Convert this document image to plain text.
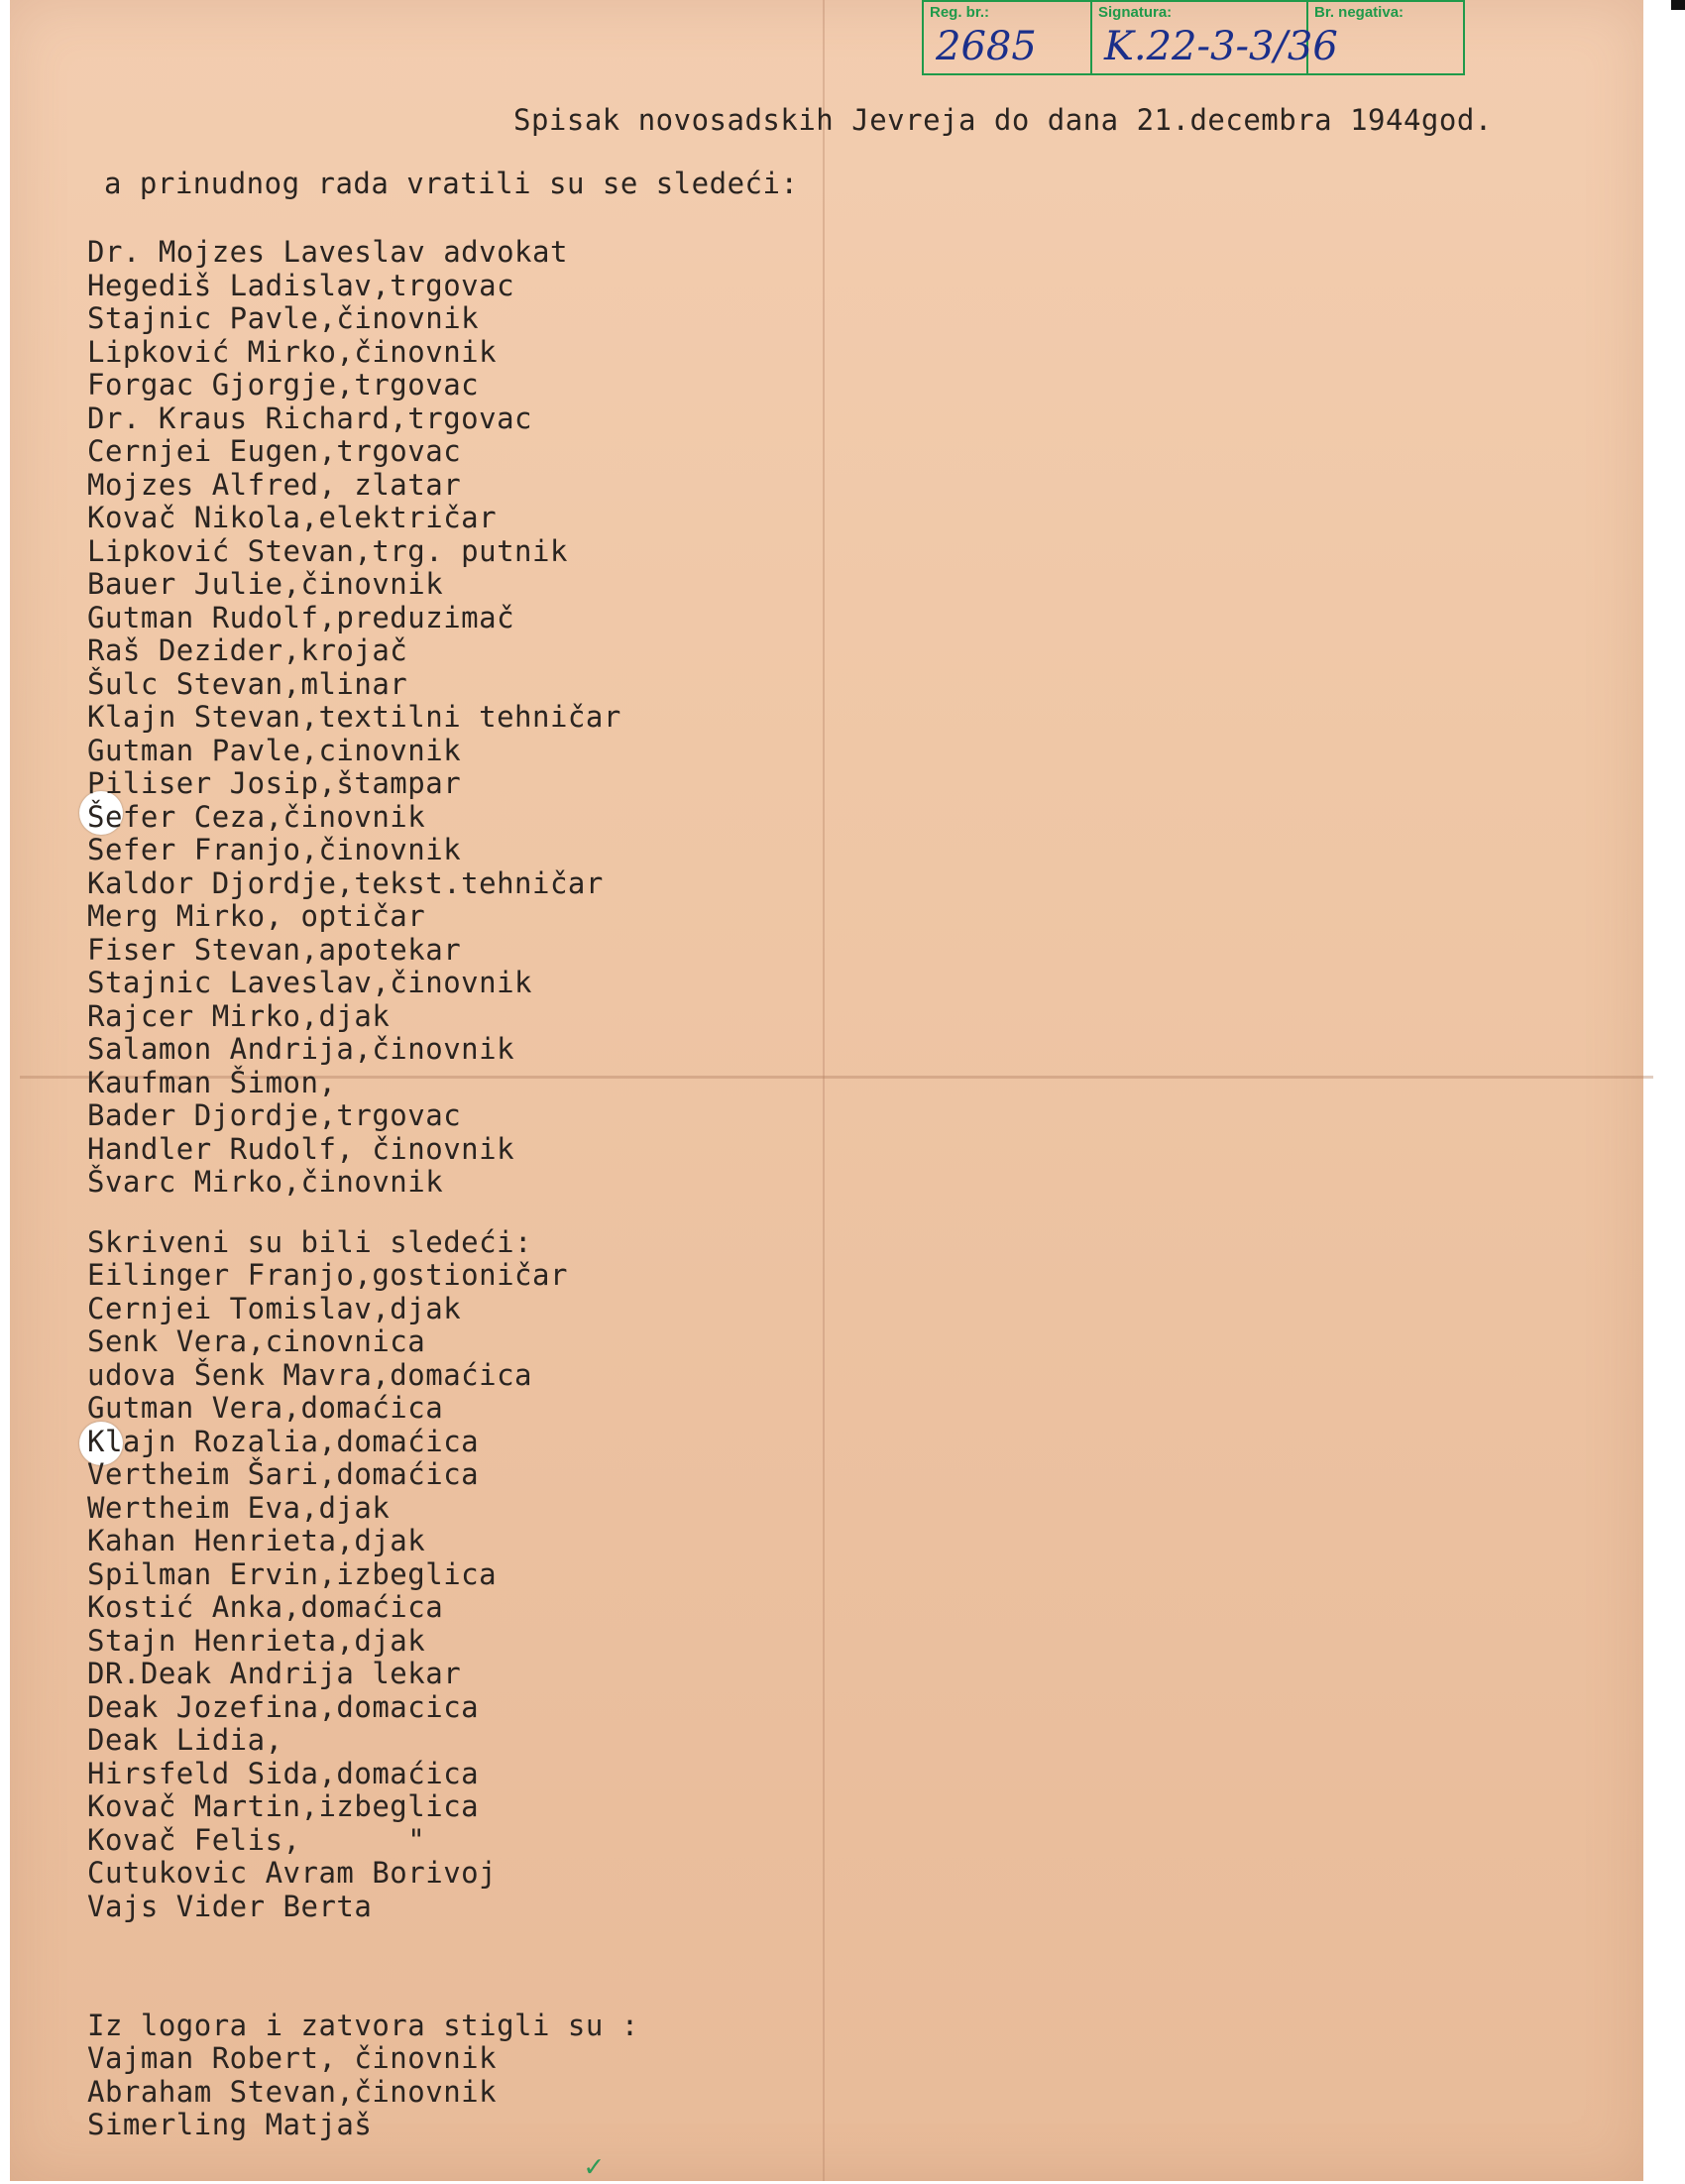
Reg. br.:
2685
Signatura:
K.22-3-3/36
Br. negativa:
Spisak novosadskih Jevreja do dana 21.decembra 1944god.
a prinudnog rada vratili su se sledeći:
Dr. Mojzes Laveslav advokat
Hegediš Ladislav,trgovac
Stajnic Pavle,činovnik
Lipković Mirko,činovnik
Forgac Gjorgje,trgovac
Dr. Kraus Richard,trgovac
Cernjei Eugen,trgovac
Mojzes Alfred, zlatar
Kovač Nikola,električar
Lipković Stevan,trg. putnik
Bauer Julie,činovnik
Gutman Rudolf,preduzimač
Raš Dezider,krojač
Šulc Stevan,mlinar
Klajn Stevan,textilni tehničar
Gutman Pavle,cinovnik
Piliser Josip,štampar
Šefer Ceza,činovnik
Sefer Franjo,činovnik
Kaldor Djordje,tekst.tehničar
Merg Mirko, optičar
Fiser Stevan,apotekar
Stajnic Laveslav,činovnik
Rajcer Mirko,djak
Salamon Andrija,činovnik
Kaufman Šimon,
Bader Djordje,trgovac
Handler Rudolf, činovnik
Švarc Mirko,činovnik
Skriveni su bili sledeći:
Eilinger Franjo,gostioničar
Cernjei Tomislav,djak
Senk Vera,cinovnica
udova Šenk Mavra,domaćica
Gutman Vera,domaćica
Klajn Rozalia,domaćica
Vertheim Šari,domaćica
Wertheim Eva,djak
Kahan Henrieta,djak
Spilman Ervin,izbeglica
Kostić Anka,domaćica
Stajn Henrieta,djak
DR.Deak Andrija lekar
Deak Jozefina,domacica
Deak Lidia,
Hirsfeld Sida,domaćica
Kovač Martin,izbeglica
Kovač Felis,      "
Cutukovic Avram Borivoj
Vajs Vider Berta
Iz logora i zatvora stigli su :
Vajman Robert, činovnik
Abraham Stevan,činovnik
Simerling Matjaš
✓
